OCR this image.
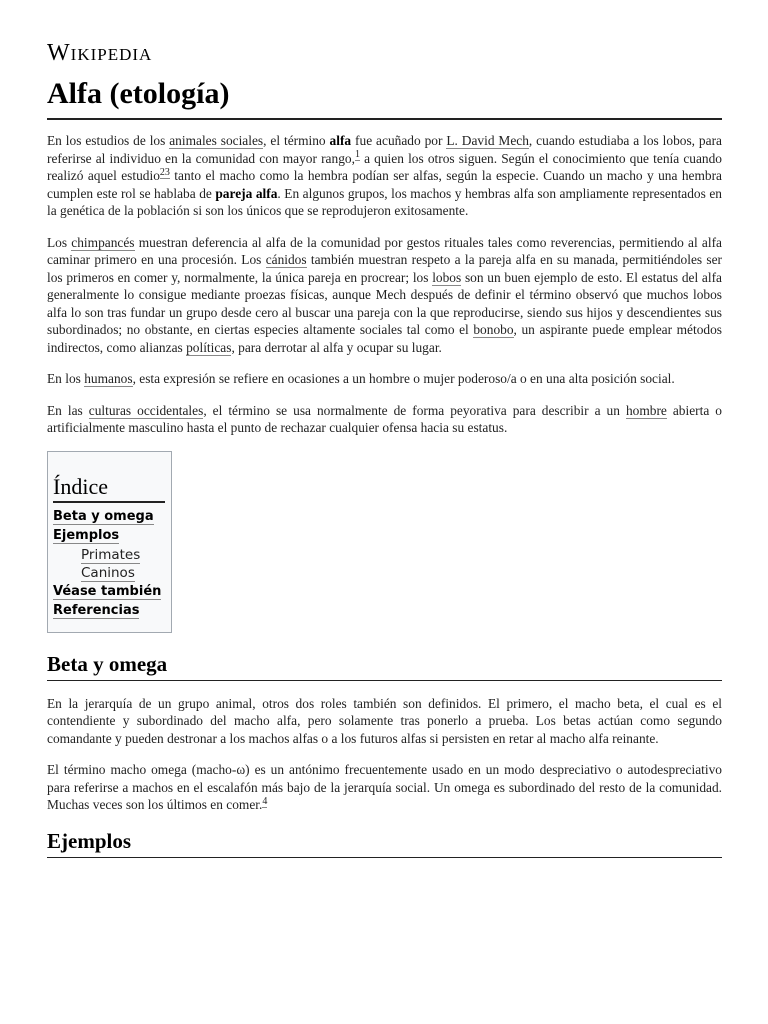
Wikipedia
Alfa (etología)

En los estudios de los animales sociales, el término alfa fue acuñado por L. David Mech, cuando estudiaba a los lobos, para referirse al individuo en la comunidad con mayor rango,$^1$ a quien los otros siguen. Según el conocimiento que tenía cuando realizó aquel estudio$^{23}$ tanto el macho como la hembra podían ser alfas, según la especie. Cuando un macho y una hembra cumplen este rol se hablaba de pareja alfa. En algunos grupos, los machos y hembras alfa son ampliamente representados en la genética de la población si son los únicos que se reprodujeron exitosamente.

Los chimpancés muestran deferencia al alfa de la comunidad por gestos rituales tales como reverencias, permitiendo al alfa caminar primero en una procesión. Los cánidos también muestran respeto a la pareja alfa en su manada, permitiéndoles ser los primeros en comer y, normalmente, la única pareja en procrear; los lobos son un buen ejemplo de esto. El estatus del alfa generalmente lo consigue mediante proezas físicas, aunque Mech después de definir el término observó que muchos lobos alfa lo son tras fundar un grupo desde cero al buscar una pareja con la que reproducirse, siendo sus hijos y descendientes sus subordinados; no obstante, en ciertas especies altamente sociales tal como el bonobo, un aspirante puede emplear métodos indirectos, como alianzas políticas, para derrotar al alfa y ocupar su lugar.

En los humanos, esta expresión se refiere en ocasiones a un hombre o mujer poderoso/a o en una alta posición social.

En las culturas occidentales, el término se usa normalmente de forma peyorativa para describir a un hombre abierta o artificialmente masculino hasta el punto de rechazar cualquier ofensa hacia su estatus.

Índice
Beta y omega
Ejemplos
Primates
Caninos
Véase también
Referencias
Beta y omega

En la jerarquía de un grupo animal, otros dos roles también son definidos. El primero, el macho beta, el cual es el contendiente y subordinado del macho alfa, pero solamente tras ponerlo a prueba. Los betas actúan como segundo comandante y pueden destronar a los machos alfas o a los futuros alfas si persisten en retar al macho alfa reinante.

El término macho omega (macho-ω) es un antónimo frecuentemente usado en un modo despreciativo o autodespreciativo para referirse a machos en el escalafón más bajo de la jerarquía social. Un omega es subordinado del resto de la comunidad. Muchas veces son los últimos en comer.$^4$

Ejemplos
